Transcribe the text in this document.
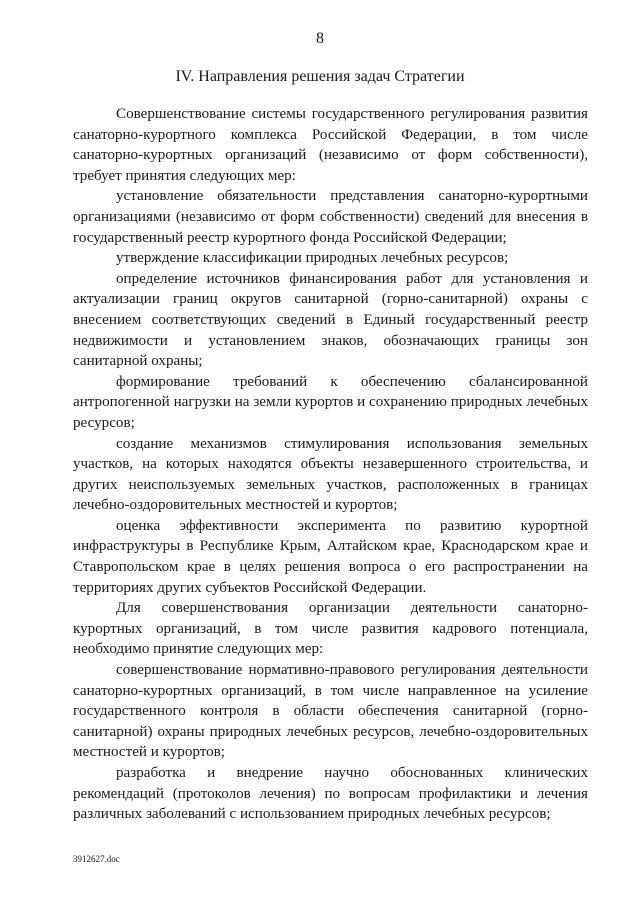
8
IV. Направления решения задач Стратегии

Совершенствование системы государственного регулирования развития санаторно-курортного комплекса Российской Федерации, в том числе санаторно-курортных организаций (независимо от форм собственности), требует принятия следующих мер:

установление обязательности представления санаторно-курортными организациями (независимо от форм собственности) сведений для внесения в государственный реестр курортного фонда Российской Федерации;

утверждение классификации природных лечебных ресурсов;

определение источников финансирования работ для установления и актуализации границ округов санитарной (горно-санитарной) охраны с внесением соответствующих сведений в Единый государственный реестр недвижимости и установлением знаков, обозначающих границы зон санитарной охраны;

формирование требований к обеспечению сбалансированной антропогенной нагрузки на земли курортов и сохранению природных лечебных ресурсов;

создание механизмов стимулирования использования земельных участков, на которых находятся объекты незавершенного строительства, и других неиспользуемых земельных участков, расположенных в границах лечебно-оздоровительных местностей и курортов;

оценка эффективности эксперимента по развитию курортной инфраструктуры в Республике Крым, Алтайском крае, Краснодарском крае и Ставропольском крае в целях решения вопроса о его распространении на территориях других субъектов Российской Федерации.

Для совершенствования организации деятельности санаторно-курортных организаций, в том числе развития кадрового потенциала, необходимо принятие следующих мер:

совершенствование нормативно-правового регулирования деятельности санаторно-курортных организаций, в том числе направленное на усиление государственного контроля в области обеспечения санитарной (горно-санитарной) охраны природных лечебных ресурсов, лечебно-оздоровительных местностей и курортов;

разработка и внедрение научно обоснованных клинических рекомендаций (протоколов лечения) по вопросам профилактики и лечения различных заболеваний с использованием природных лечебных ресурсов;

3912627.doc
